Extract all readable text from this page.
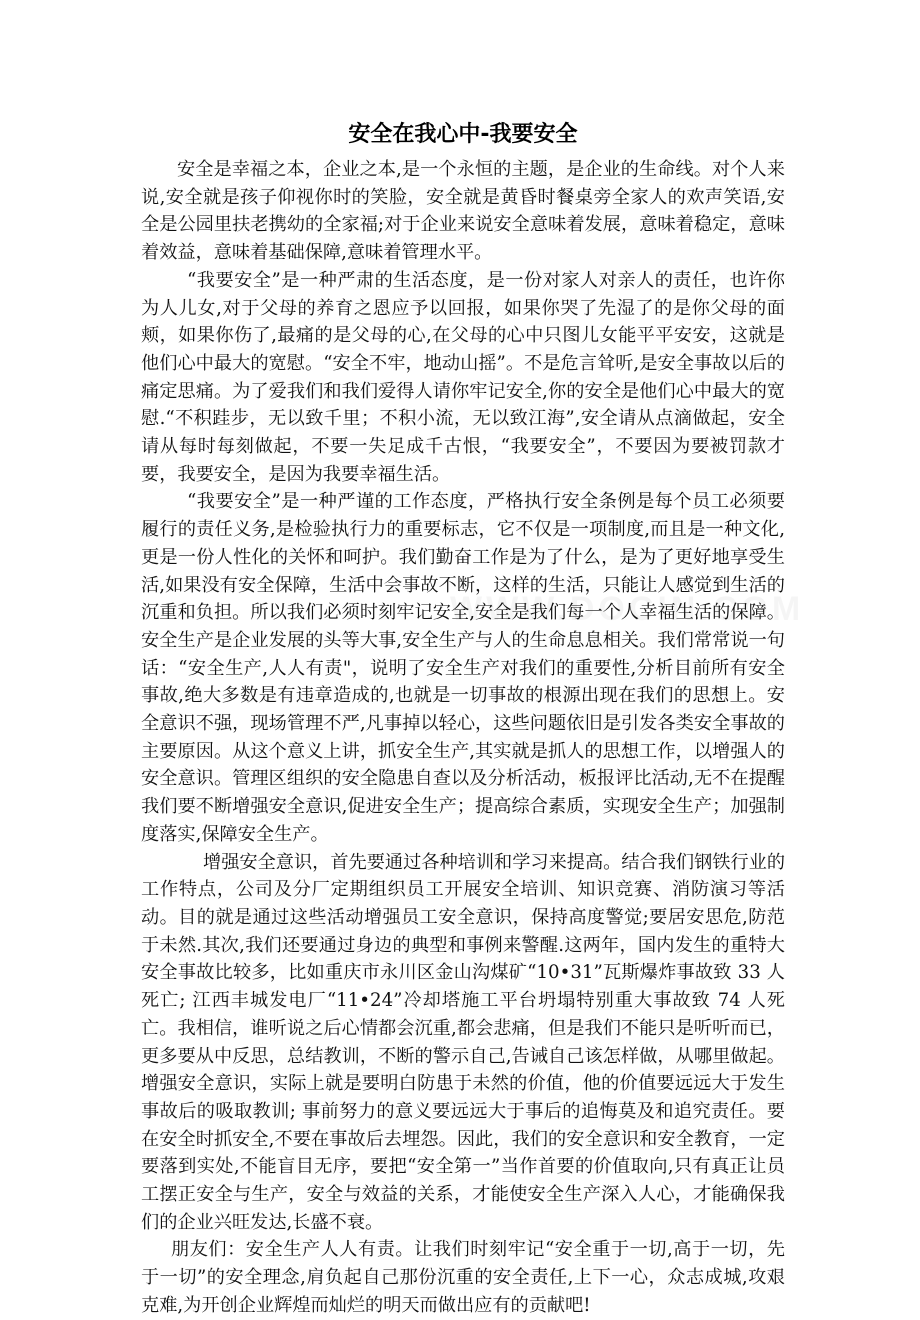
安全在我心中-我要安全

安全是幸福之本，企业之本,是一个永恒的主题，是企业的生命线。对个人来说,安全就是孩子仰视你时的笑脸，安全就是黄昏时餐桌旁全家人的欢声笑语,安全是公园里扶老携幼的全家福;对于企业来说安全意味着发展，意味着稳定，意味着效益，意味着基础保障,意味着管理水平。

“我要安全”是一种严肃的生活态度，是一份对家人对亲人的责任，也许你为人儿女,对于父母的养育之恩应予以回报，如果你哭了先湿了的是你父母的面颊，如果你伤了,最痛的是父母的心,在父母的心中只图儿女能平平安安，这就是他们心中最大的宽慰。“安全不牢，地动山摇”。不是危言耸听,是安全事故以后的痛定思痛。为了爱我们和我们爱得人请你牢记安全,你的安全是他们心中最大的宽慰.“不积跬步，无以致千里；不积小流，无以致江海”,安全请从点滴做起，安全请从每时每刻做起，不要一失足成千古恨，“我要安全”，不要因为要被罚款才要，我要安全，是因为我要幸福生活。

“我要安全”是一种严谨的工作态度，严格执行安全条例是每个员工必须要履行的责任义务,是检验执行力的重要标志，它不仅是一项制度,而且是一种文化,更是一份人性化的关怀和呵护。我们勤奋工作是为了什么，是为了更好地享受生活,如果没有安全保障，生活中会事故不断，这样的生活，只能让人感觉到生活的沉重和负担。所以我们必须时刻牢记安全,安全是我们每一个人幸福生活的保障。安全生产是企业发展的头等大事,安全生产与人的生命息息相关。我们常常说一句话：“安全生产,人人有责"，说明了安全生产对我们的重要性,分析目前所有安全事故,绝大多数是有违章造成的,也就是一切事故的根源出现在我们的思想上。安全意识不强，现场管理不严,凡事掉以轻心，这些问题依旧是引发各类安全事故的主要原因。从这个意义上讲，抓安全生产,其实就是抓人的思想工作，以增强人的安全意识。管理区组织的安全隐患自查以及分析活动，板报评比活动,无不在提醒我们要不断增强安全意识,促进安全生产；提高综合素质，实现安全生产；加强制度落实,保障安全生产。

增强安全意识，首先要通过各种培训和学习来提高。结合我们钢铁行业的工作特点，公司及分厂定期组织员工开展安全培训、知识竞赛、消防演习等活动。目的就是通过这些活动增强员工安全意识，保持高度警觉;要居安思危,防范于未然.其次,我们还要通过身边的典型和事例来警醒.这两年，国内发生的重特大安全事故比较多，比如重庆市永川区金山沟煤矿“10•31”瓦斯爆炸事故致 33 人死亡; 江西丰城发电厂“11•24”冷却塔施工平台坍塌特别重大事故致 74 人死亡。我相信，谁听说之后心情都会沉重,都会悲痛，但是我们不能只是听听而已，更多要从中反思，总结教训，不断的警示自己,告诫自己该怎样做，从哪里做起。增强安全意识，实际上就是要明白防患于未然的价值，他的价值要远远大于发生事故后的吸取教训; 事前努力的意义要远远大于事后的追悔莫及和追究责任。要在安全时抓安全,不要在事故后去埋怨。因此，我们的安全意识和安全教育，一定要落到实处,不能盲目无序，要把“安全第一”当作首要的价值取向,只有真正让员工摆正安全与生产，安全与效益的关系，才能使安全生产深入人心，才能确保我们的企业兴旺发达,长盛不衰。

朋友们：安全生产人人有责。让我们时刻牢记“安全重于一切,高于一切，先于一切”的安全理念,肩负起自己那份沉重的安全责任,上下一心，众志成城,攻艰克难,为开创企业辉煌而灿烂的明天而做出应有的贡献吧!
